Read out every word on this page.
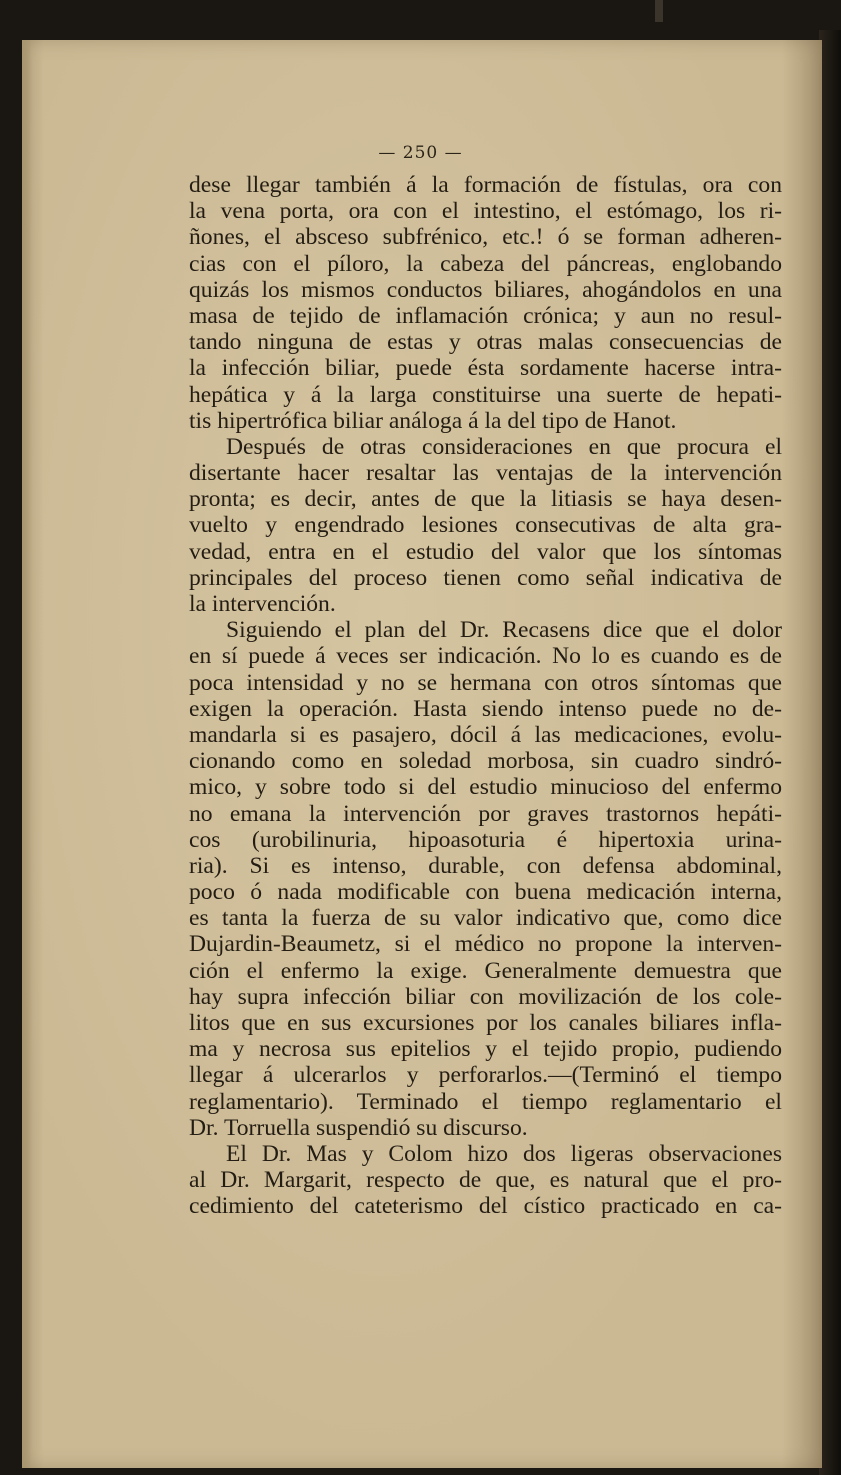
— 250 —
dese llegar también á la formación de fístulas, ora con
la vena porta, ora con el intestino, el estómago, los ri-
ñones, el absceso subfrénico, etc.! ó se forman adheren-
cias con el píloro, la cabeza del páncreas, englobando
quizás los mismos conductos biliares, ahogándolos en una
masa de tejido de inflamación crónica; y aun no resul-
tando ninguna de estas y otras malas consecuencias de
la infección biliar, puede ésta sordamente hacerse intra-
hepática y á la larga constituirse una suerte de hepati-
tis hipertrófica biliar análoga á la del tipo de Hanot.
Después de otras consideraciones en que procura el
disertante hacer resaltar las ventajas de la intervención
pronta; es decir, antes de que la litiasis se haya desen-
vuelto y engendrado lesiones consecutivas de alta gra-
vedad, entra en el estudio del valor que los síntomas
principales del proceso tienen como señal indicativa de
la intervención.
Siguiendo el plan del Dr. Recasens dice que el dolor
en sí puede á veces ser indicación. No lo es cuando es de
poca intensidad y no se hermana con otros síntomas que
exigen la operación. Hasta siendo intenso puede no de-
mandarla si es pasajero, dócil á las medicaciones, evolu-
cionando como en soledad morbosa, sin cuadro sindró-
mico, y sobre todo si del estudio minucioso del enfermo
no emana la intervención por graves trastornos hepáti-
cos (urobilinuria, hipoasoturia é hipertoxia urina-
ria). Si es intenso, durable, con defensa abdominal,
poco ó nada modificable con buena medicación interna,
es tanta la fuerza de su valor indicativo que, como dice
Dujardin-Beaumetz, si el médico no propone la interven-
ción el enfermo la exige. Generalmente demuestra que
hay supra infección biliar con movilización de los cole-
litos que en sus excursiones por los canales biliares infla-
ma y necrosa sus epitelios y el tejido propio, pudiendo
llegar á ulcerarlos y perforarlos.—(Terminó el tiempo
reglamentario). Terminado el tiempo reglamentario el
Dr. Torruella suspendió su discurso.
El Dr. Mas y Colom hizo dos ligeras observaciones
al Dr. Margarit, respecto de que, es natural que el pro-
cedimiento del cateterismo del cístico practicado en ca-
